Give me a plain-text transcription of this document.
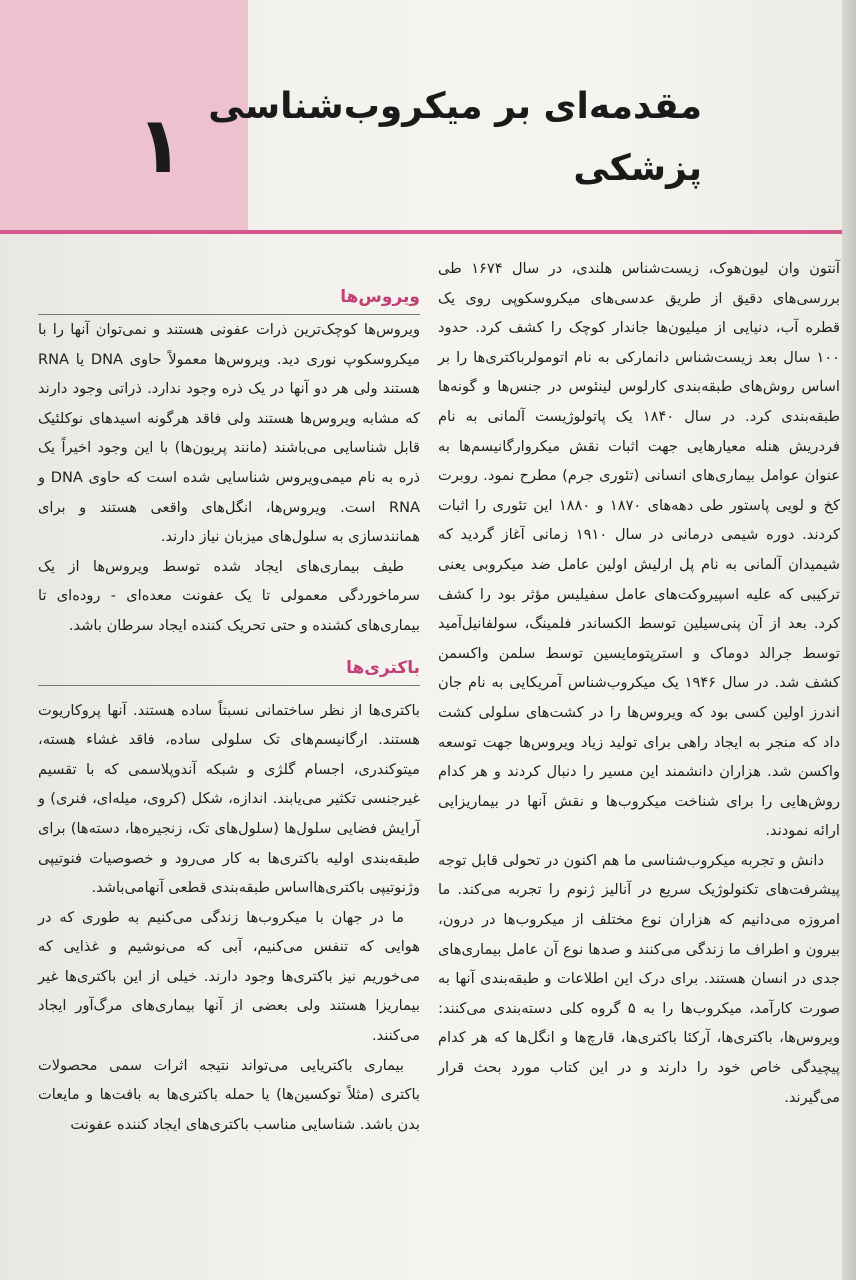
۱ مقدمه‌ای بر میکروب‌شناسی پزشکی

آنتون وان لیون‌هوک، زیست‌شناس هلندی، در سال ۱۶۷۴ طی بررسی‌های دقیق از طریق عدسی‌های میکروسکوپی روی یک قطره آب، دنیایی از میلیون‌ها جاندار کوچک را کشف کرد. حدود ۱۰۰ سال بعد زیست‌شناس دانمارکی به نام اتومولرباکتری‌ها را بر اساس روش‌های طبقه‌بندی کارلوس لینئوس در جنس‌ها و گونه‌ها طبقه‌بندی کرد. در سال ۱۸۴۰ یک پاتولوژیست آلمانی به نام فردریش هنله معیارهایی جهت اثبات نقش میکروارگانیسم‌ها به عنوان عوامل بیماری‌های انسانی (تئوری جرم) مطرح نمود. روبرت کخ و لویی پاستور طی دهه‌های ۱۸۷۰ و ۱۸۸۰ این تئوری را اثبات کردند. دوره شیمی درمانی در سال ۱۹۱۰ زمانی آغاز گردید که شیمیدان آلمانی به نام پل ارلیش اولین عامل ضد میکروبی یعنی ترکیبی که علیه اسپیروکت‌های عامل سفیلیس مؤثر بود را کشف کرد. بعد از آن پنی‌سیلین توسط الکساندر فلمینگ، سولفانیل‌آمید توسط جرالد دوماک و استرپتومایسین توسط سلمن واکسمن کشف شد. در سال ۱۹۴۶ یک میکروب‌شناس آمریکایی به نام جان اندرز اولین کسی بود که ویروس‌ها را در کشت‌های سلولی کشت داد که منجر به ایجاد راهی برای تولید زیاد ویروس‌ها جهت توسعه واکسن شد. هزاران دانشمند این مسیر را دنبال کردند و هر کدام روش‌هایی را برای شناخت میکروب‌ها و نقش آنها در بیماریزایی ارائه نمودند.

دانش و تجربه میکروب‌شناسی ما هم اکنون در تحولی قابل توجه پیشرفت‌های تکنولوژیک سریع در آنالیز ژنوم را تجربه می‌کند. ما امروزه می‌دانیم که هزاران نوع مختلف از میکروب‌ها در درون، بیرون و اطراف ما زندگی می‌کنند و صدها نوع آن عامل بیماری‌های جدی در انسان هستند. برای درک این اطلاعات و طبقه‌بندی آنها به صورت کارآمد، میکروب‌ها را به ۵ گروه کلی دسته‌بندی می‌کنند: ویروس‌ها، باکتری‌ها، آرکئا باکتری‌ها، قارچ‌ها و انگل‌ها که هر کدام پیچیدگی خاص خود را دارند و در این کتاب مورد بحث قرار می‌گیرند.

ویروس‌ها

ویروس‌ها کوچک‌ترین ذرات عفونی هستند و نمی‌توان آنها را با میکروسکوپ نوری دید. ویروس‌ها معمولاً حاوی DNA یا RNA هستند ولی هر دو آنها در یک ذره وجود ندارد. ذراتی وجود دارند که مشابه ویروس‌ها هستند ولی فاقد هرگونه اسیدهای نوکلئیک قابل شناسایی می‌باشند (مانند پریون‌ها) با این وجود اخیراً یک ذره به نام میمی‌ویروس شناسایی شده است که حاوی DNA و RNA است. ویروس‌ها، انگل‌های واقعی هستند و برای همانندسازی به سلول‌های میزبان نیاز دارند.

طیف بیماری‌های ایجاد شده توسط ویروس‌ها از یک سرماخوردگی معمولی تا یک عفونت معده‌ای - روده‌ای تا بیماری‌های کشنده و حتی تحریک کننده ایجاد سرطان باشد.

باکتری‌ها

باکتری‌ها از نظر ساختمانی نسبتاً ساده هستند. آنها پروکاریوت هستند. ارگانیسم‌های تک سلولی ساده، فاقد غشاء هسته، میتوکندری، اجسام گلژی و شبکه آندوپلاسمی که با تقسیم غیرجنسی تکثیر می‌یابند. اندازه، شکل (کروی، میله‌ای، فنری) و آرایش فضایی سلول‌ها (سلول‌های تک، زنجیره‌ها، دسته‌ها) برای طبقه‌بندی اولیه باکتری‌ها به کار می‌رود و خصوصیات فنوتیپی وژنوتیپی باکتری‌هااساس طبقه‌بندی قطعی آنهامی‌باشد.

ما در جهان با میکروب‌ها زندگی می‌کنیم به طوری که در هوایی که تنفس می‌کنیم، آبی که می‌نوشیم و غذایی که می‌خوریم نیز باکتری‌ها وجود دارند. خیلی از این باکتری‌ها غیر بیماریزا هستند ولی بعضی از آنها بیماری‌های مرگ‌آور ایجاد می‌کنند.

بیماری باکتریایی می‌تواند نتیجه اثرات سمی محصولات باکتری (مثلاً توکسین‌ها) یا حمله باکتری‌ها به بافت‌ها و مایعات بدن باشد. شناسایی مناسب باکتری‌های ایجاد کننده عفونت
